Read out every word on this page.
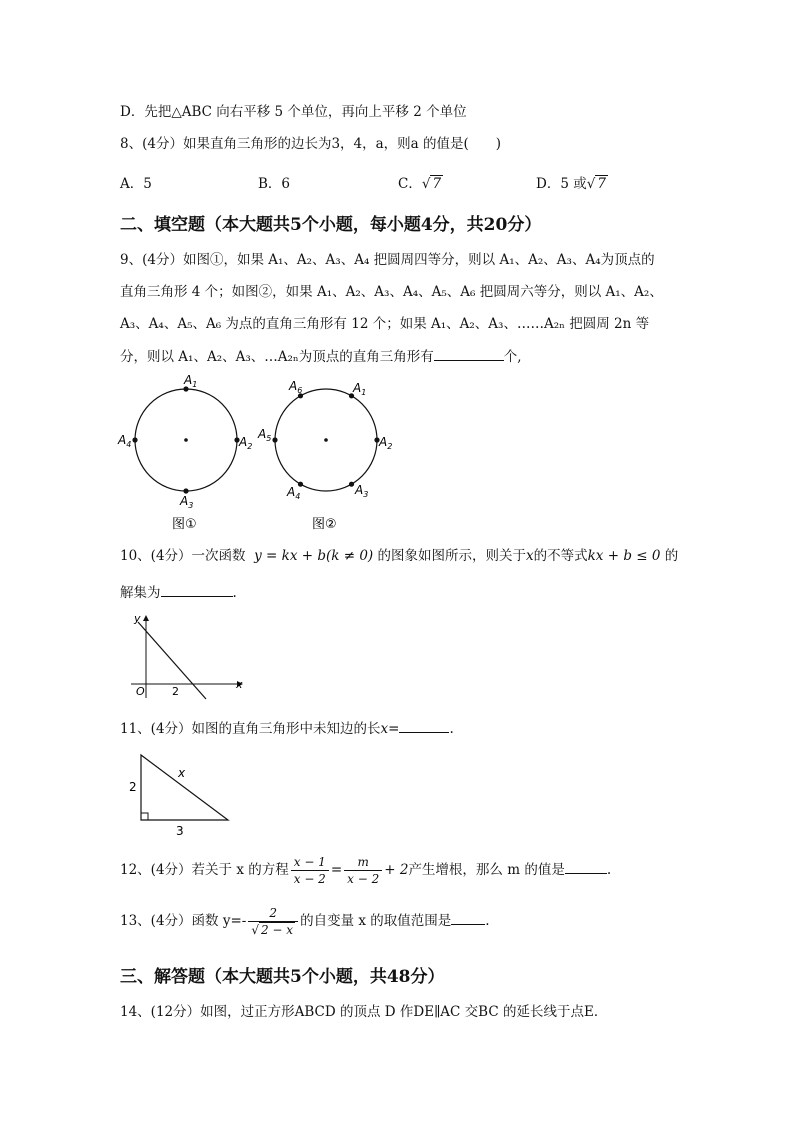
D．先把△ABC 向右平移 5 个单位，再向上平移 2 个单位
8、(4分）如果直角三角形的边长为3，4，a，则a 的值是(　　)
A．5	B．6	C．√ 7	D．5 或√ 7
二、填空题（本大题共5个小题，每小题4分，共20分）
9、(4分）如图①，如果 A₁、A₂、A₃、A₄ 把圆周四等分，则以 A₁、A₂、A₃、A₄为顶点的
直角三角形 4 个；如图②，如果 A₁、A₂、A₃、A₄、A₅、A₆ 把圆周六等分，则以 A₁、A₂、
A₃、A₄、A₅、A₆ 为点的直角三角形有 12 个；如果 A₁、A₂、A₃、……A₂ₙ 把圆周 2n 等
分，则以 A₁、A₂、A₃、…A₂ₙ为顶点的直角三角形有	个,
$A_1$
$A_2$
$A_3$
$A_4$
图①
$A_1$
$A_2$
$A_3$
$A_4$
$A_5$
$A_6$
图②
10、(4分）一次函数 y = kx + b(k ≠ 0) 的图象如图所示，则关于x的不等式kx + b ≤ 0 的
解集为	.
y
x
O 2
11、(4分）如图的直角三角形中未知边的长x=	.
2
3
x
12、(4分）若关于 x 的方程 $\frac{x - 1}{x - 2} = \frac{m}{x - 2} + 2$产生增根，那么 m 的值是	.
13、(4分）函数 $y=- \frac{2}{√ 2 - x}$ 的自变量 x 的取值范围是	.
三、解答题（本大题共5个小题，共48分）
14、(12分）如图，过正方形ABCD 的顶点 D 作DE∥AC 交BC 的延长线于点E．
